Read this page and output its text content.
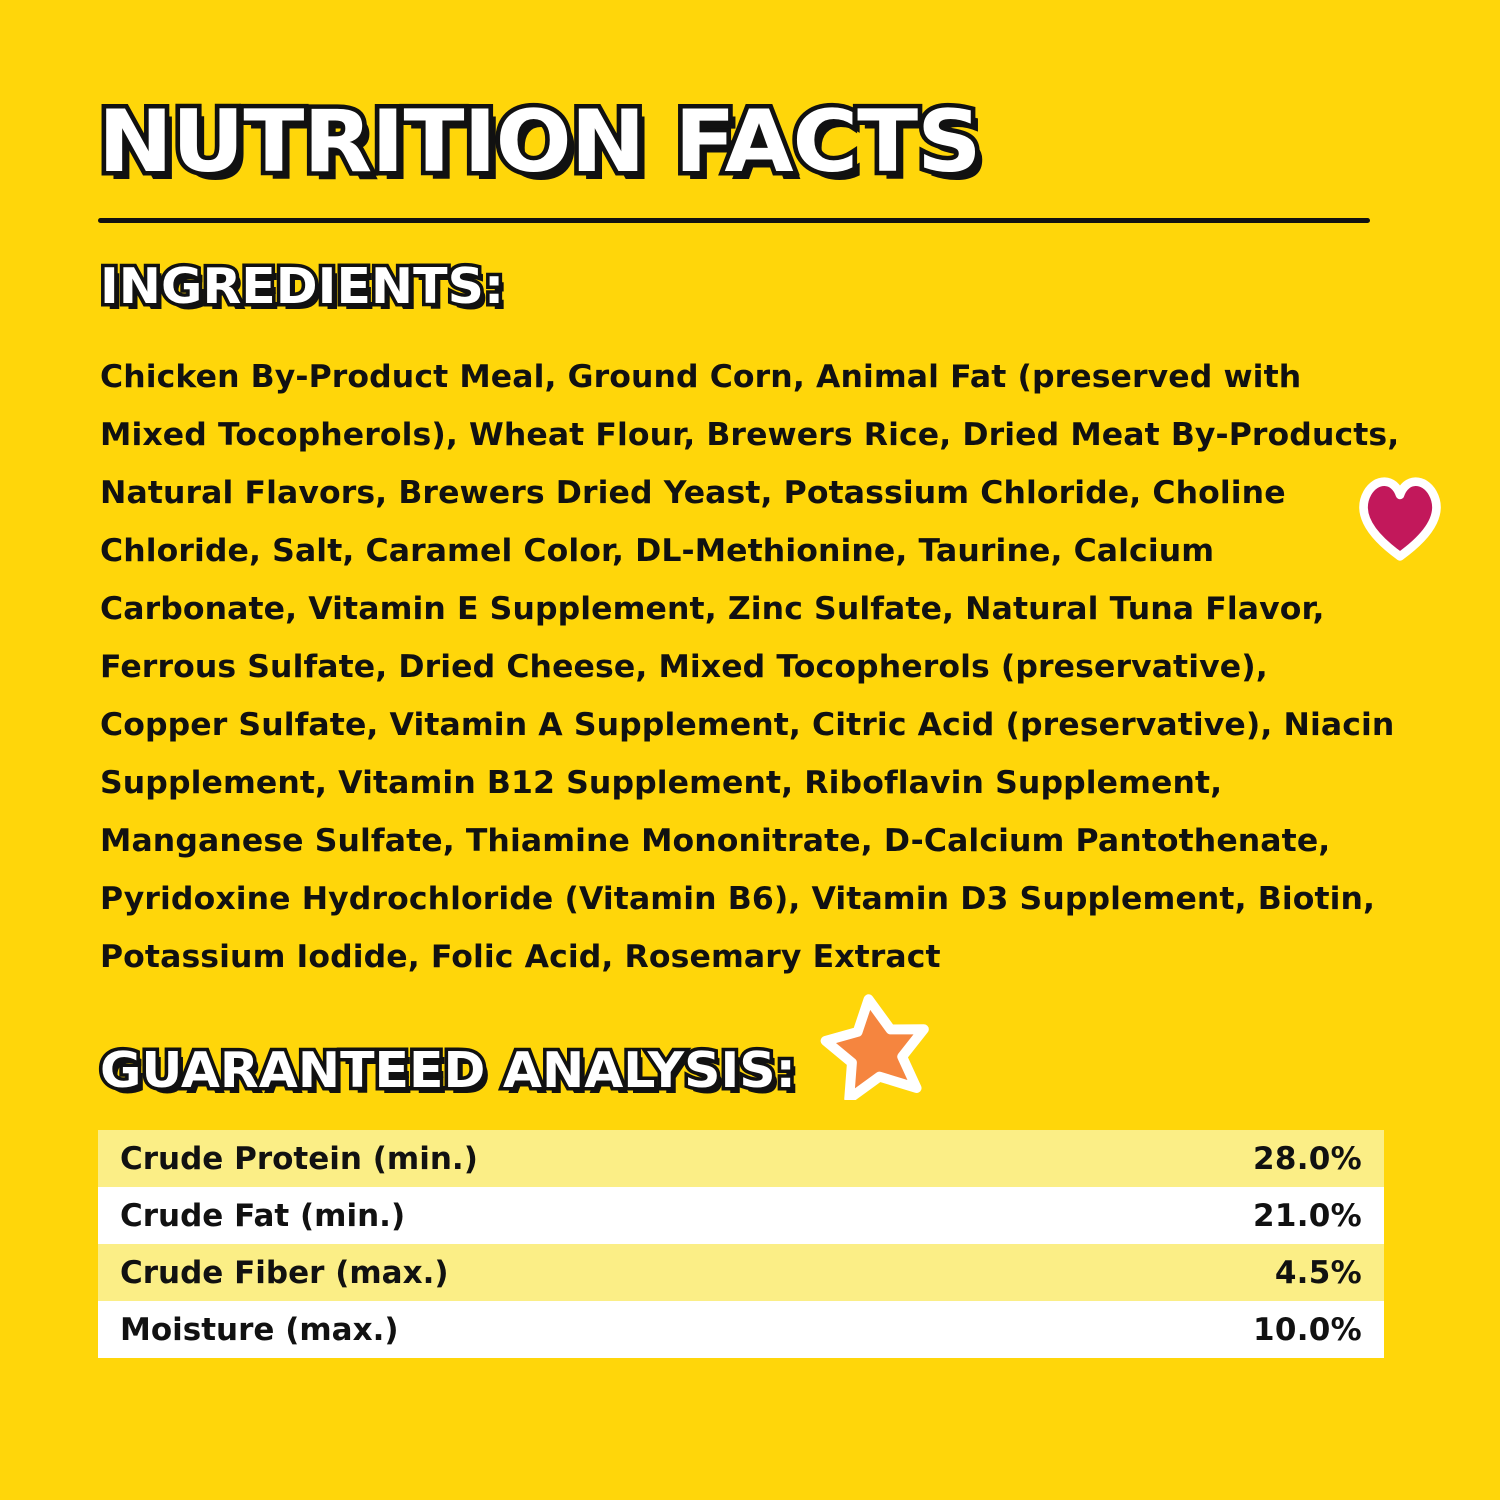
NUTRITION FACTS
INGREDIENTS:
Chicken By-Product Meal, Ground Corn, Animal Fat (preserved with Mixed Tocopherols), Wheat Flour, Brewers Rice, Dried Meat By-Products, Natural Flavors, Brewers Dried Yeast, Potassium Chloride, Choline Chloride, Salt, Caramel Color, DL-Methionine, Taurine, Calcium Carbonate, Vitamin E Supplement, Zinc Sulfate, Natural Tuna Flavor, Ferrous Sulfate, Dried Cheese, Mixed Tocopherols (preservative), Copper Sulfate, Vitamin A Supplement, Citric Acid (preservative), Niacin Supplement, Vitamin B12 Supplement, Riboflavin Supplement, Manganese Sulfate, Thiamine Mononitrate, D-Calcium Pantothenate, Pyridoxine Hydrochloride (Vitamin B6), Vitamin D3 Supplement, Biotin, Potassium Iodide, Folic Acid, Rosemary Extract
GUARANTEED ANALYSIS:
Crude Protein (min.)	28.0%
Crude Fat (min.)	21.0%
Crude Fiber (max.)	4.5%
Moisture (max.)	10.0%
